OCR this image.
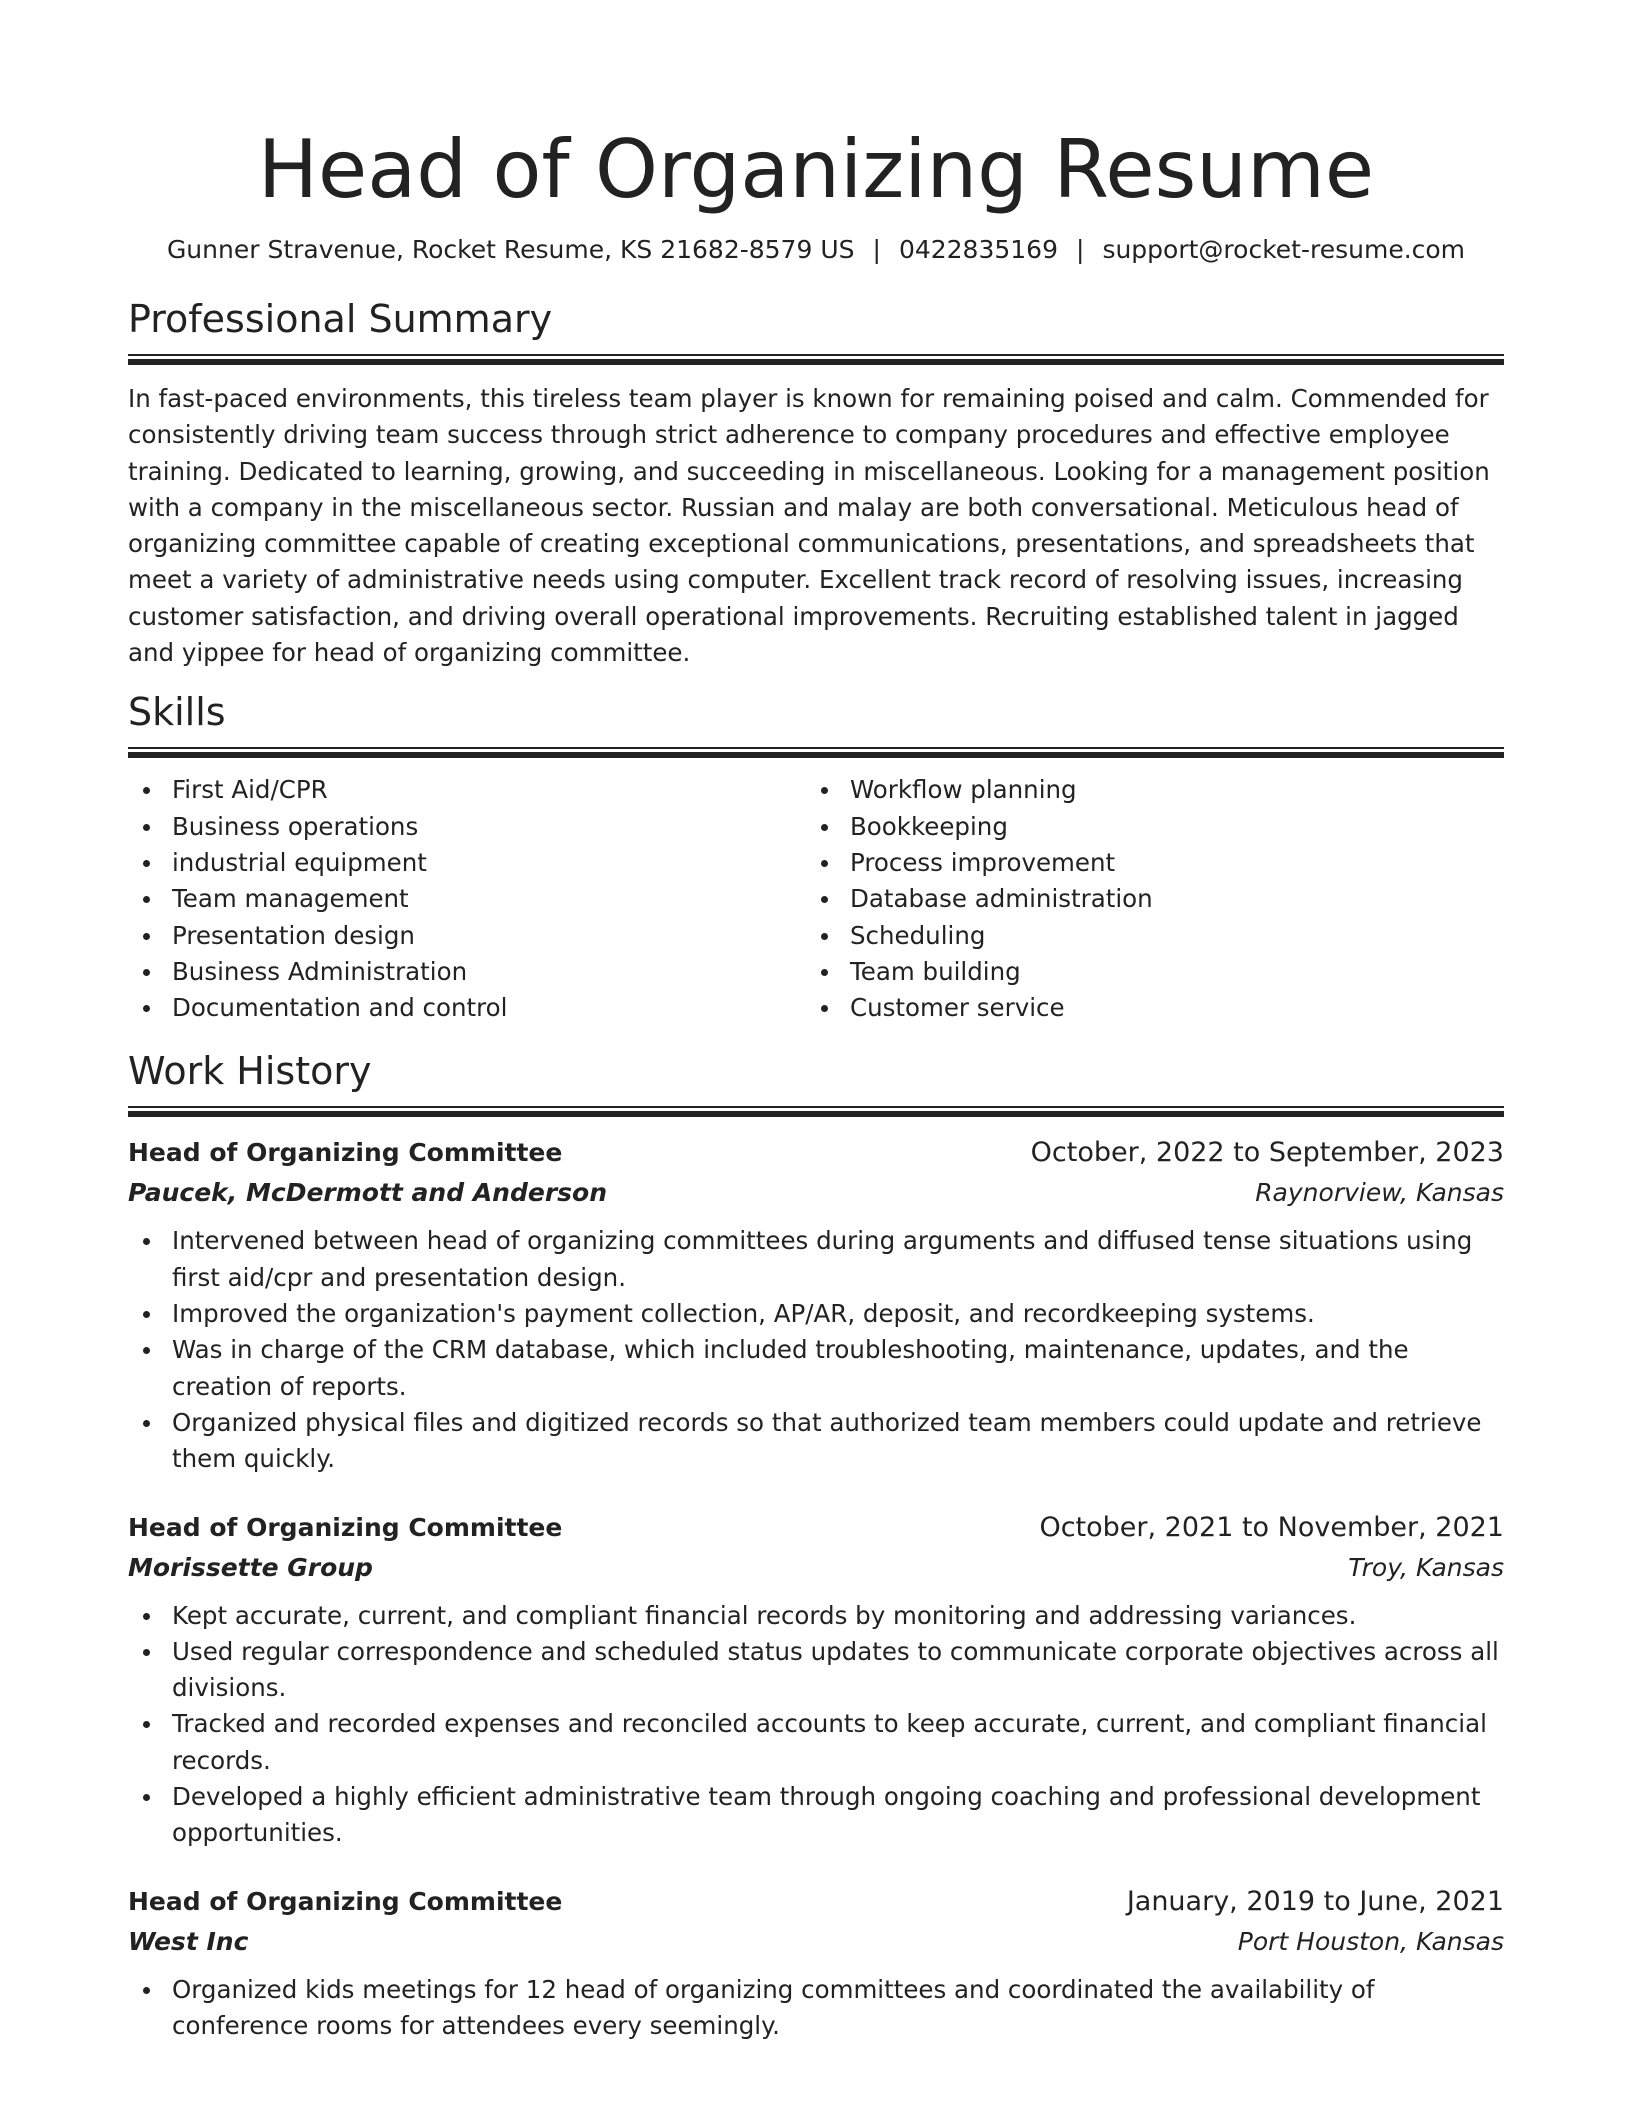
Head of Organizing Resume
Gunner Stravenue, Rocket Resume, KS 21682-8579 US | 0422835169 | support@rocket-resume.com
Professional Summary

In fast-paced environments, this tireless team player is known for remaining poised and calm. Commended for consistently driving team success through strict adherence to company procedures and effective employee training. Dedicated to learning, growing, and succeeding in miscellaneous. Looking for a management position with a company in the miscellaneous sector. Russian and malay are both conversational. Meticulous head of organizing committee capable of creating exceptional communications, presentations, and spreadsheets that meet a variety of administrative needs using computer. Excellent track record of resolving issues, increasing customer satisfaction, and driving overall operational improvements. Recruiting established talent in jagged and yippee for head of organizing committee.

Skills
First Aid/CPR
Business operations
industrial equipment
Team management
Presentation design
Business Administration
Documentation and control
Workflow planning
Bookkeeping
Process improvement
Database administration
Scheduling
Team building
Customer service
Work History
Head of Organizing Committee	October, 2022 to September, 2023
Paucek, McDermott and Anderson	Raynorview, Kansas
Intervened between head of organizing committees during arguments and diffused tense situations using first aid/cpr and presentation design.
Improved the organization's payment collection, AP/AR, deposit, and recordkeeping systems.
Was in charge of the CRM database, which included troubleshooting, maintenance, updates, and the creation of reports.
Organized physical files and digitized records so that authorized team members could update and retrieve them quickly.
Head of Organizing Committee	October, 2021 to November, 2021
Morissette Group	Troy, Kansas
Kept accurate, current, and compliant financial records by monitoring and addressing variances.
Used regular correspondence and scheduled status updates to communicate corporate objectives across all divisions.
Tracked and recorded expenses and reconciled accounts to keep accurate, current, and compliant financial records.
Developed a highly efficient administrative team through ongoing coaching and professional development opportunities.
Head of Organizing Committee	January, 2019 to June, 2021
West Inc	Port Houston, Kansas
Organized kids meetings for 12 head of organizing committees and coordinated the availability of conference rooms for attendees every seemingly.
